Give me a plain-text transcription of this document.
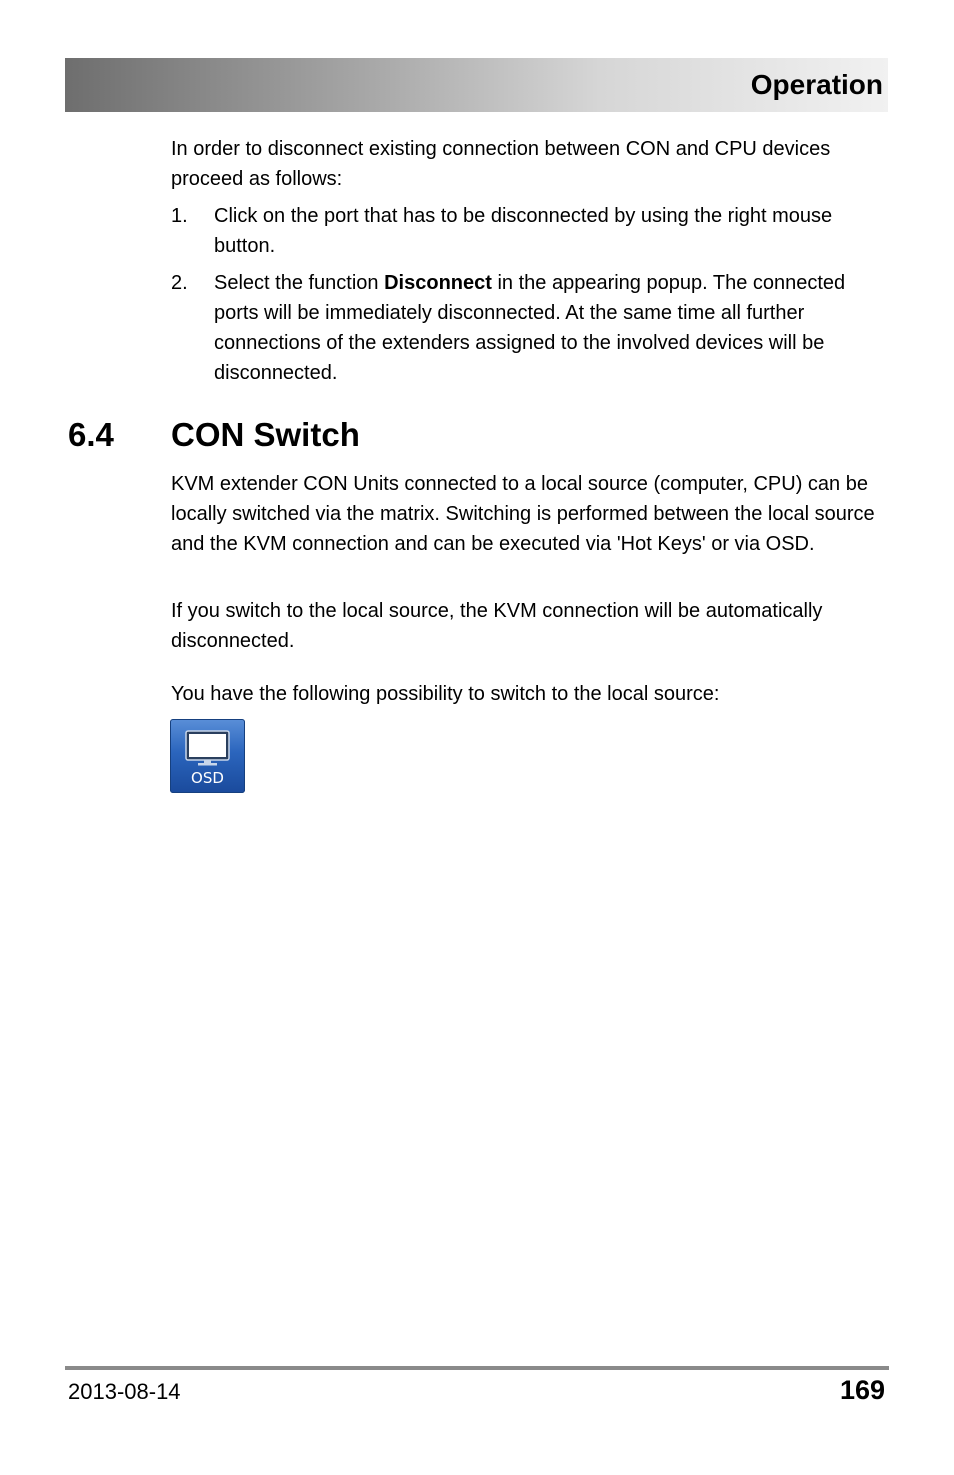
Operation

In order to disconnect existing connection between CON and CPU devices proceed as follows:

1. Click on the port that has to be disconnected by using the right mouse button.
2. Select the function Disconnect in the appearing popup. The connected ports will be immediately disconnected. At the same time all further connections of the extenders assigned to the involved devices will be disconnected.
6.4 CON Switch

KVM extender CON Units connected to a local source (computer, CPU) can be locally switched via the matrix. Switching is performed between the local source and the KVM connection and can be executed via 'Hot Keys' or via OSD.

If you switch to the local source, the KVM connection will be automatically disconnected.

You have the following possibility to switch to the local source:

OSD
2013-08-14	169
